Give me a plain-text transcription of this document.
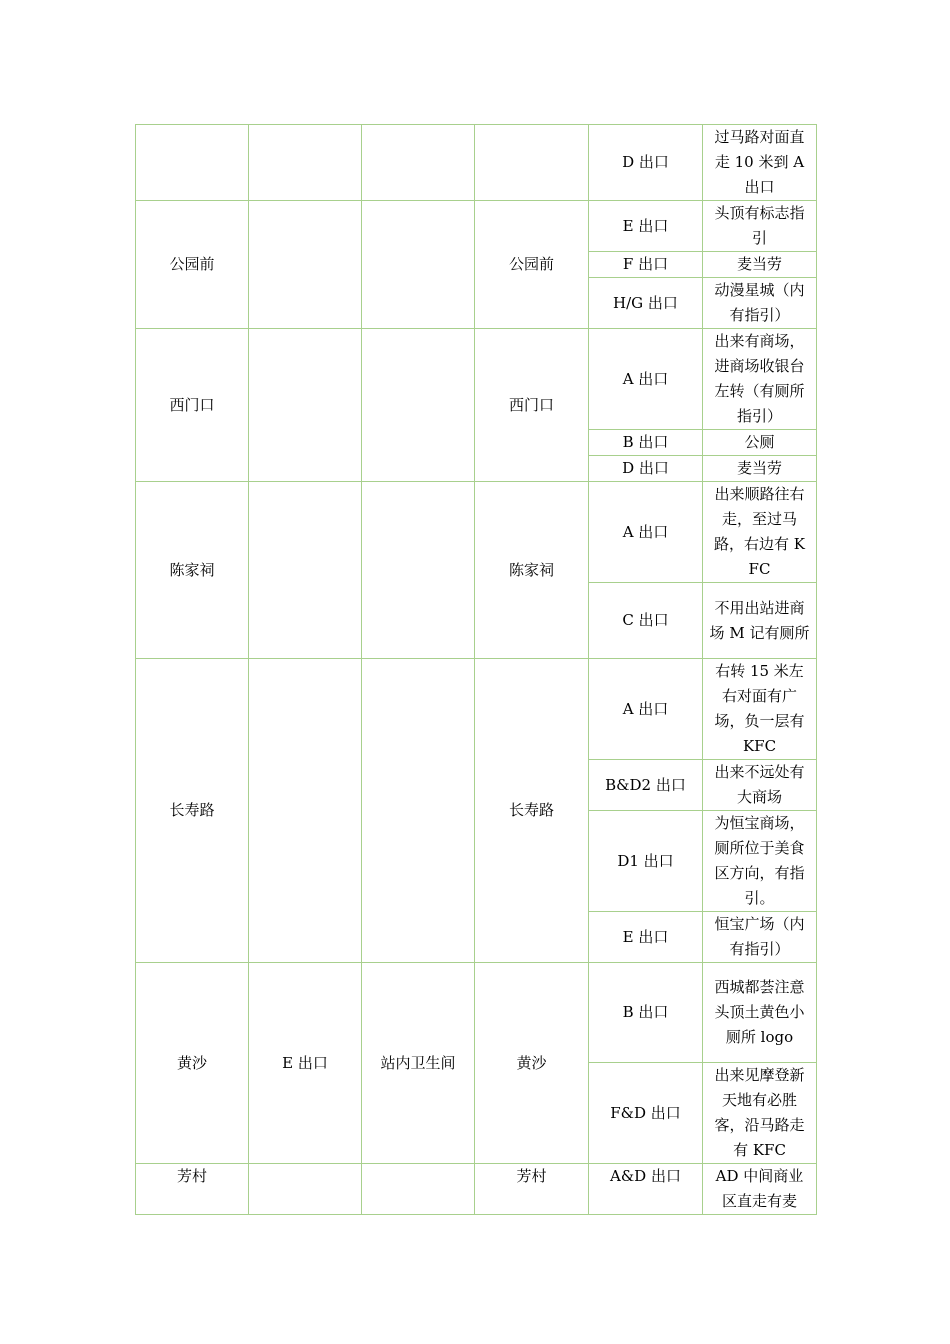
				D 出口	过马路对面直走 10 米到 A 出口
公园前			公园前	E 出口	头顶有标志指引
				F 出口	麦当劳
				H/G 出口	动漫星城（内有指引）
西门口			西门口	A 出口	出来有商场，进商场收银台左转（有厕所指引）
				B 出口	公厕
				D 出口	麦当劳
陈家祠			陈家祠	A 出口	出来顺路往右走，至过马路，右边有 KFC
				C 出口	不用出站进商场 M 记有厕所
长寿路			长寿路	A 出口	右转 15 米左右对面有广场，负一层有 KFC
				B&D2 出口	出来不远处有大商场
				D1 出口	为恒宝商场，厕所位于美食区方向，有指引。
				E 出口	恒宝广场（内有指引）
黄沙	E 出口	站内卫生间	黄沙	B 出口	西城都荟注意头顶土黄色小厕所 logo
				F&D 出口	出来见摩登新天地有必胜客，沿马路走有 KFC
芳村			芳村	A&D 出口	AD 中间商业区直走有麦
